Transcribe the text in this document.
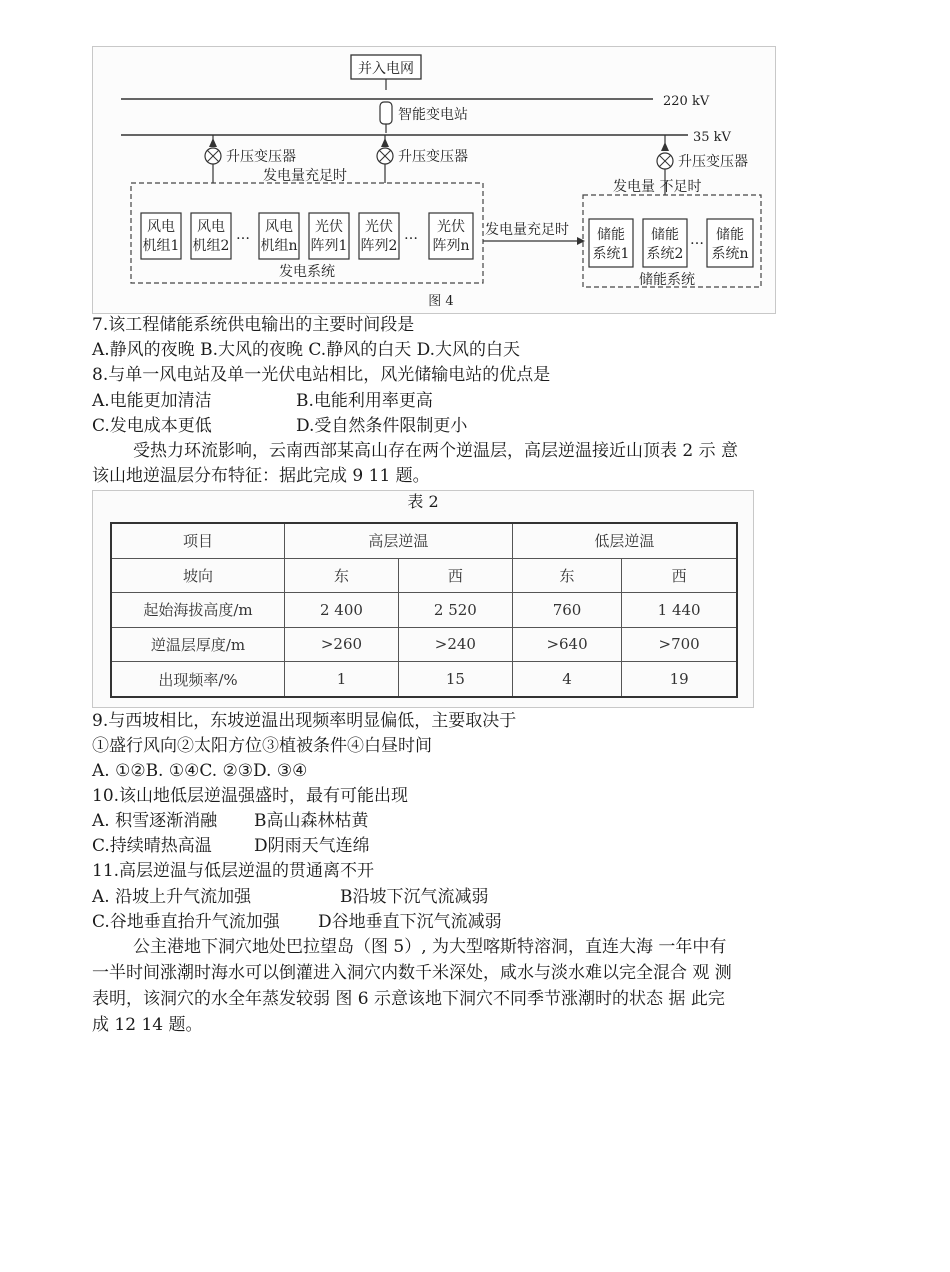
并入电网
220 kV
智能变电站
35 kV
升压变压器	升压变压器	升压变压器
发电量充足时
发电量 不足时
风电
机组1
风电
机组2
… 风电
机组n
光伏
阵列1
光伏
阵列2
… 光伏
阵列n
发电系统
发电量充足时 储能
系统1
储能
系统2
… 储能
系统n
储能系统
图 4
7.该工程储能系统供电输出的主要时间段是
A.静风的夜晚 B.大风的夜晚 C.静风的白天 D.大风的白天
8.与单一风电站及单一光伏电站相比，风光储输电站的优点是
A.电能更加清洁	B.电能利用率更高
C.发电成本更低	D.受自然条件限制更小
受热力环流影响，云南西部某高山存在两个逆温层，高层逆温接近山顶表 2 示 意
该山地逆温层分布特征：据此完成 9 11 题。
表 2
项目	高层逆温		低层逆温	
坡向	东	西	东	西
起始海拔高度/m	2 400	2 520	760	1 440
逆温层厚度/m	>260	>240	>640	>700
出现频率/%	1	15	4	19
9.与西坡相比，东坡逆温出现频率明显偏低，主要取决于
①盛行风向②太阳方位③植被条件④白昼时间
A. ①②B. ①④C. ②③D. ③④
10.该山地低层逆温强盛时，最有可能出现
A. 积雪逐渐消融 B高山森林枯黄
C.持续晴热高温 D阴雨天气连绵
11.高层逆温与低层逆温的贯通离不开
A. 沿坡上升气流加强	B沿坡下沉气流减弱
C.谷地垂直抬升气流加强 D谷地垂直下沉气流减弱
公主港地下洞穴地处巴拉望岛（图 5）, 为大型喀斯特溶洞，直连大海 一年中有
一半时间涨潮时海水可以倒灌进入洞穴内数千米深处，咸水与淡水难以完全混合 观 测
表明，该洞穴的水全年蒸发较弱 图 6 示意该地下洞穴不同季节涨潮时的状态 据 此完
成 12 14 题。
